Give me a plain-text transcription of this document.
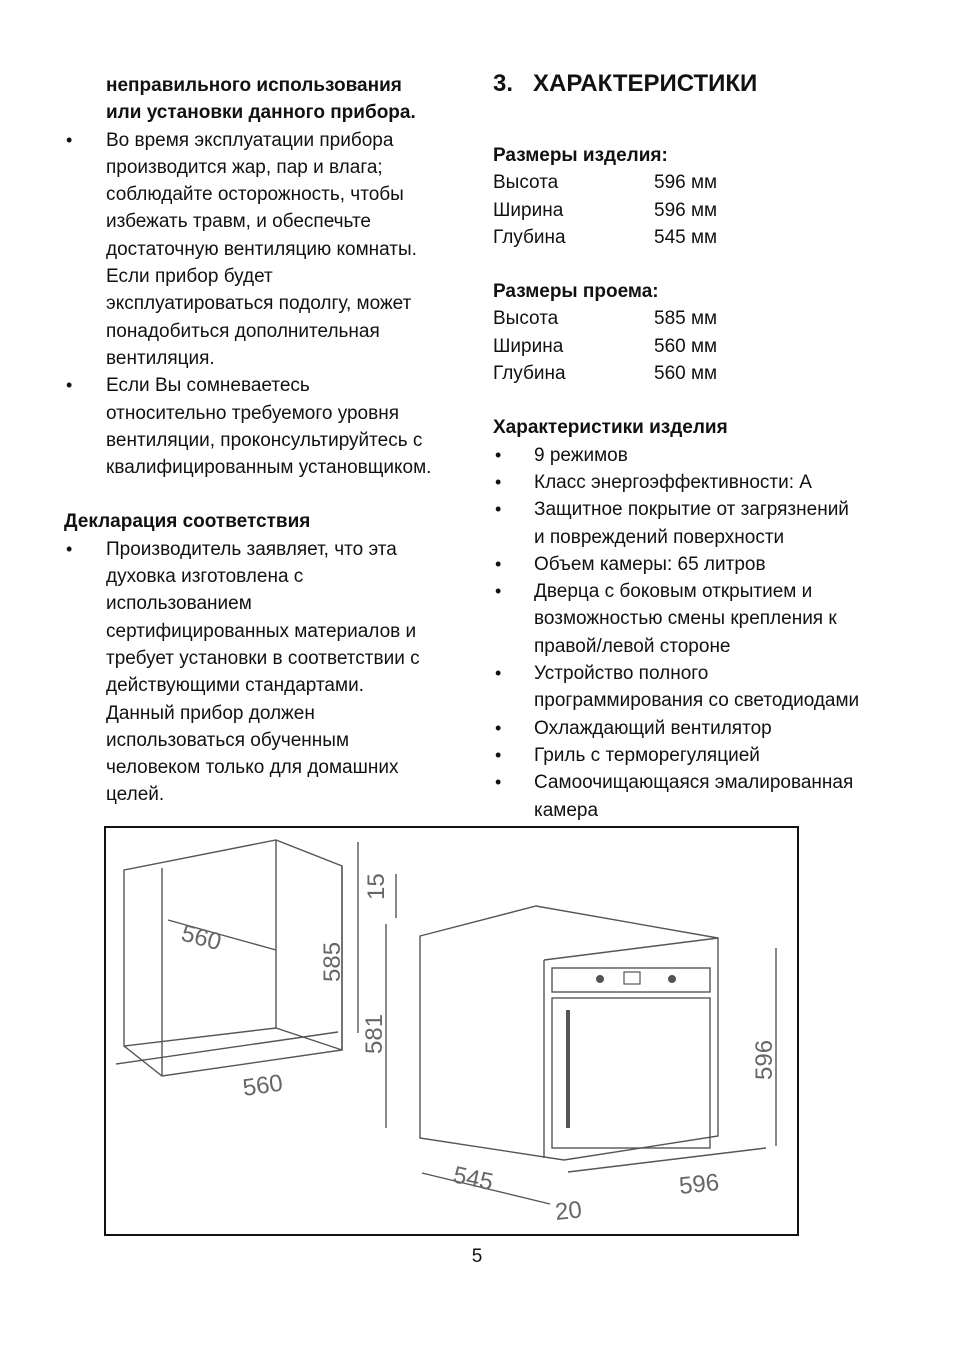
неправильного использования
или установки данного прибора.
• Во время эксплуатации прибора
производится жар, пар и влага;
соблюдайте осторожность, чтобы
избежать травм, и обеспечьте
достаточную вентиляцию комнаты.
Если прибор будет
эксплуатироваться подолгу, может
понадобиться дополнительная
вентиляция.
• Если Вы сомневаетесь
относительно требуемого уровня
вентиляции, проконсультируйтесь с
квалифицированным установщиком.
Декларация соответствия
• Производитель заявляет, что эта
духовка изготовлена с
использованием
сертифицированных материалов и
требует установки в соответствии с
действующими стандартами.
Данный прибор должен
использоваться обученным
человеком только для домашних
целей.
3. ХАРАКТЕРИСТИКИ
Размеры изделия:
Высота	596 мм
Ширина	596 мм
Глубина	545 мм
Размеры проема:
Высота	585 мм
Ширина	560 мм
Глубина	560 мм
Характеристики изделия
• 9 режимов
• Класс энергоэффективности: A
• Защитное покрытие от загрязнений
и повреждений поверхности
• Объем камеры: 65 литров
• Дверца с боковым открытием и
возможностью смены крепления к
правой/левой стороне
• Устройство полного
программирования со светодиодами
• Охлаждающий вентилятор
• Гриль с терморегуляцией
• Самоочищающаяся эмалированная
камера
560
585
560
15
581
596
545	596
20
5
